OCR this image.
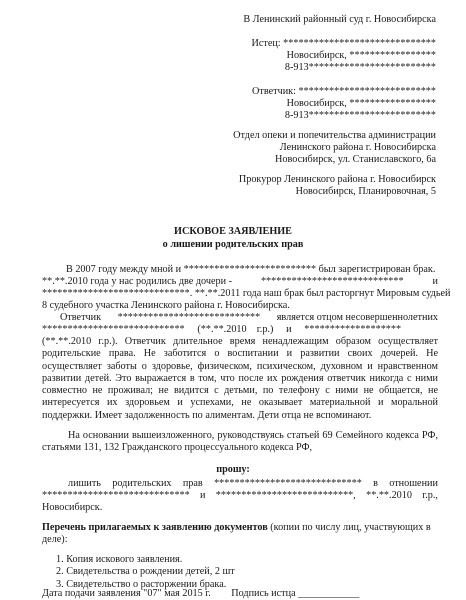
В Ленинский районный суд г. Новосибирска
Истец: ******************************
Новосибирск, *****************
8-913*************************
Ответчик: ***************************
Новосибирск, *****************
8-913*************************
Отдел опеки и попечительства администрации
Ленинского района г. Новосибирска
Новосибирск, ул. Станиславского, 6а
Прокурор Ленинского района г. Новосибирск
Новосибирск, Планировочная, 5
ИСКОВОЕ ЗАЯВЛЕНИЕ
о лишении родительских прав
В 2007 году между мной и ************************** был зарегистрирован брак.
**.**.2010 года у нас родились две дочери -	****************************	и
*****************************. **.**.2011 года наш брак был расторгнут Мировым судьей
8 судебного участка Ленинского района г. Новосибирска.
Ответчик **************************** является отцом несовершеннолетних
****************************     (**.**.2010    г.р.)     и     *******************
(**.**.2010 г.р.). Ответчик длительное время ненадлежащим образом осуществляет родительские права. Не заботится о воспитании и развитии своих дочерей. Не осуществляет заботы о здоровье, физическом, психическом, духовном и нравственном развитии детей. Это выражается в том, что после их рождения ответчик никогда с ними совместно не проживал; не видится с детьми, по телефону с ними не общается, не интересуется их здоровьем и успехами, не оказывает материальной и моральной поддержки. Имеет задолженность по алиментам. Дети отца не вспоминают.
На основании вышеизложенного, руководствуясь статьей 69 Семейного кодекса РФ, статьями 131, 132 Гражданского процессуального кодекса РФ,
прошу:
лишить родительских прав ***************************** в отношении
***************************** и ***************************, **.**.2010 г.р.,
Новосибирск.
Перечень прилагаемых к заявлению документов (копии по числу лиц, участвующих в деле):
1. Копия искового заявления.
2. Свидетельства о рождении детей, 2 шт
3. Свидетельство о расторжении брака.
Дата подачи заявления "07" мая 2015 г.        Подпись истца ____________
